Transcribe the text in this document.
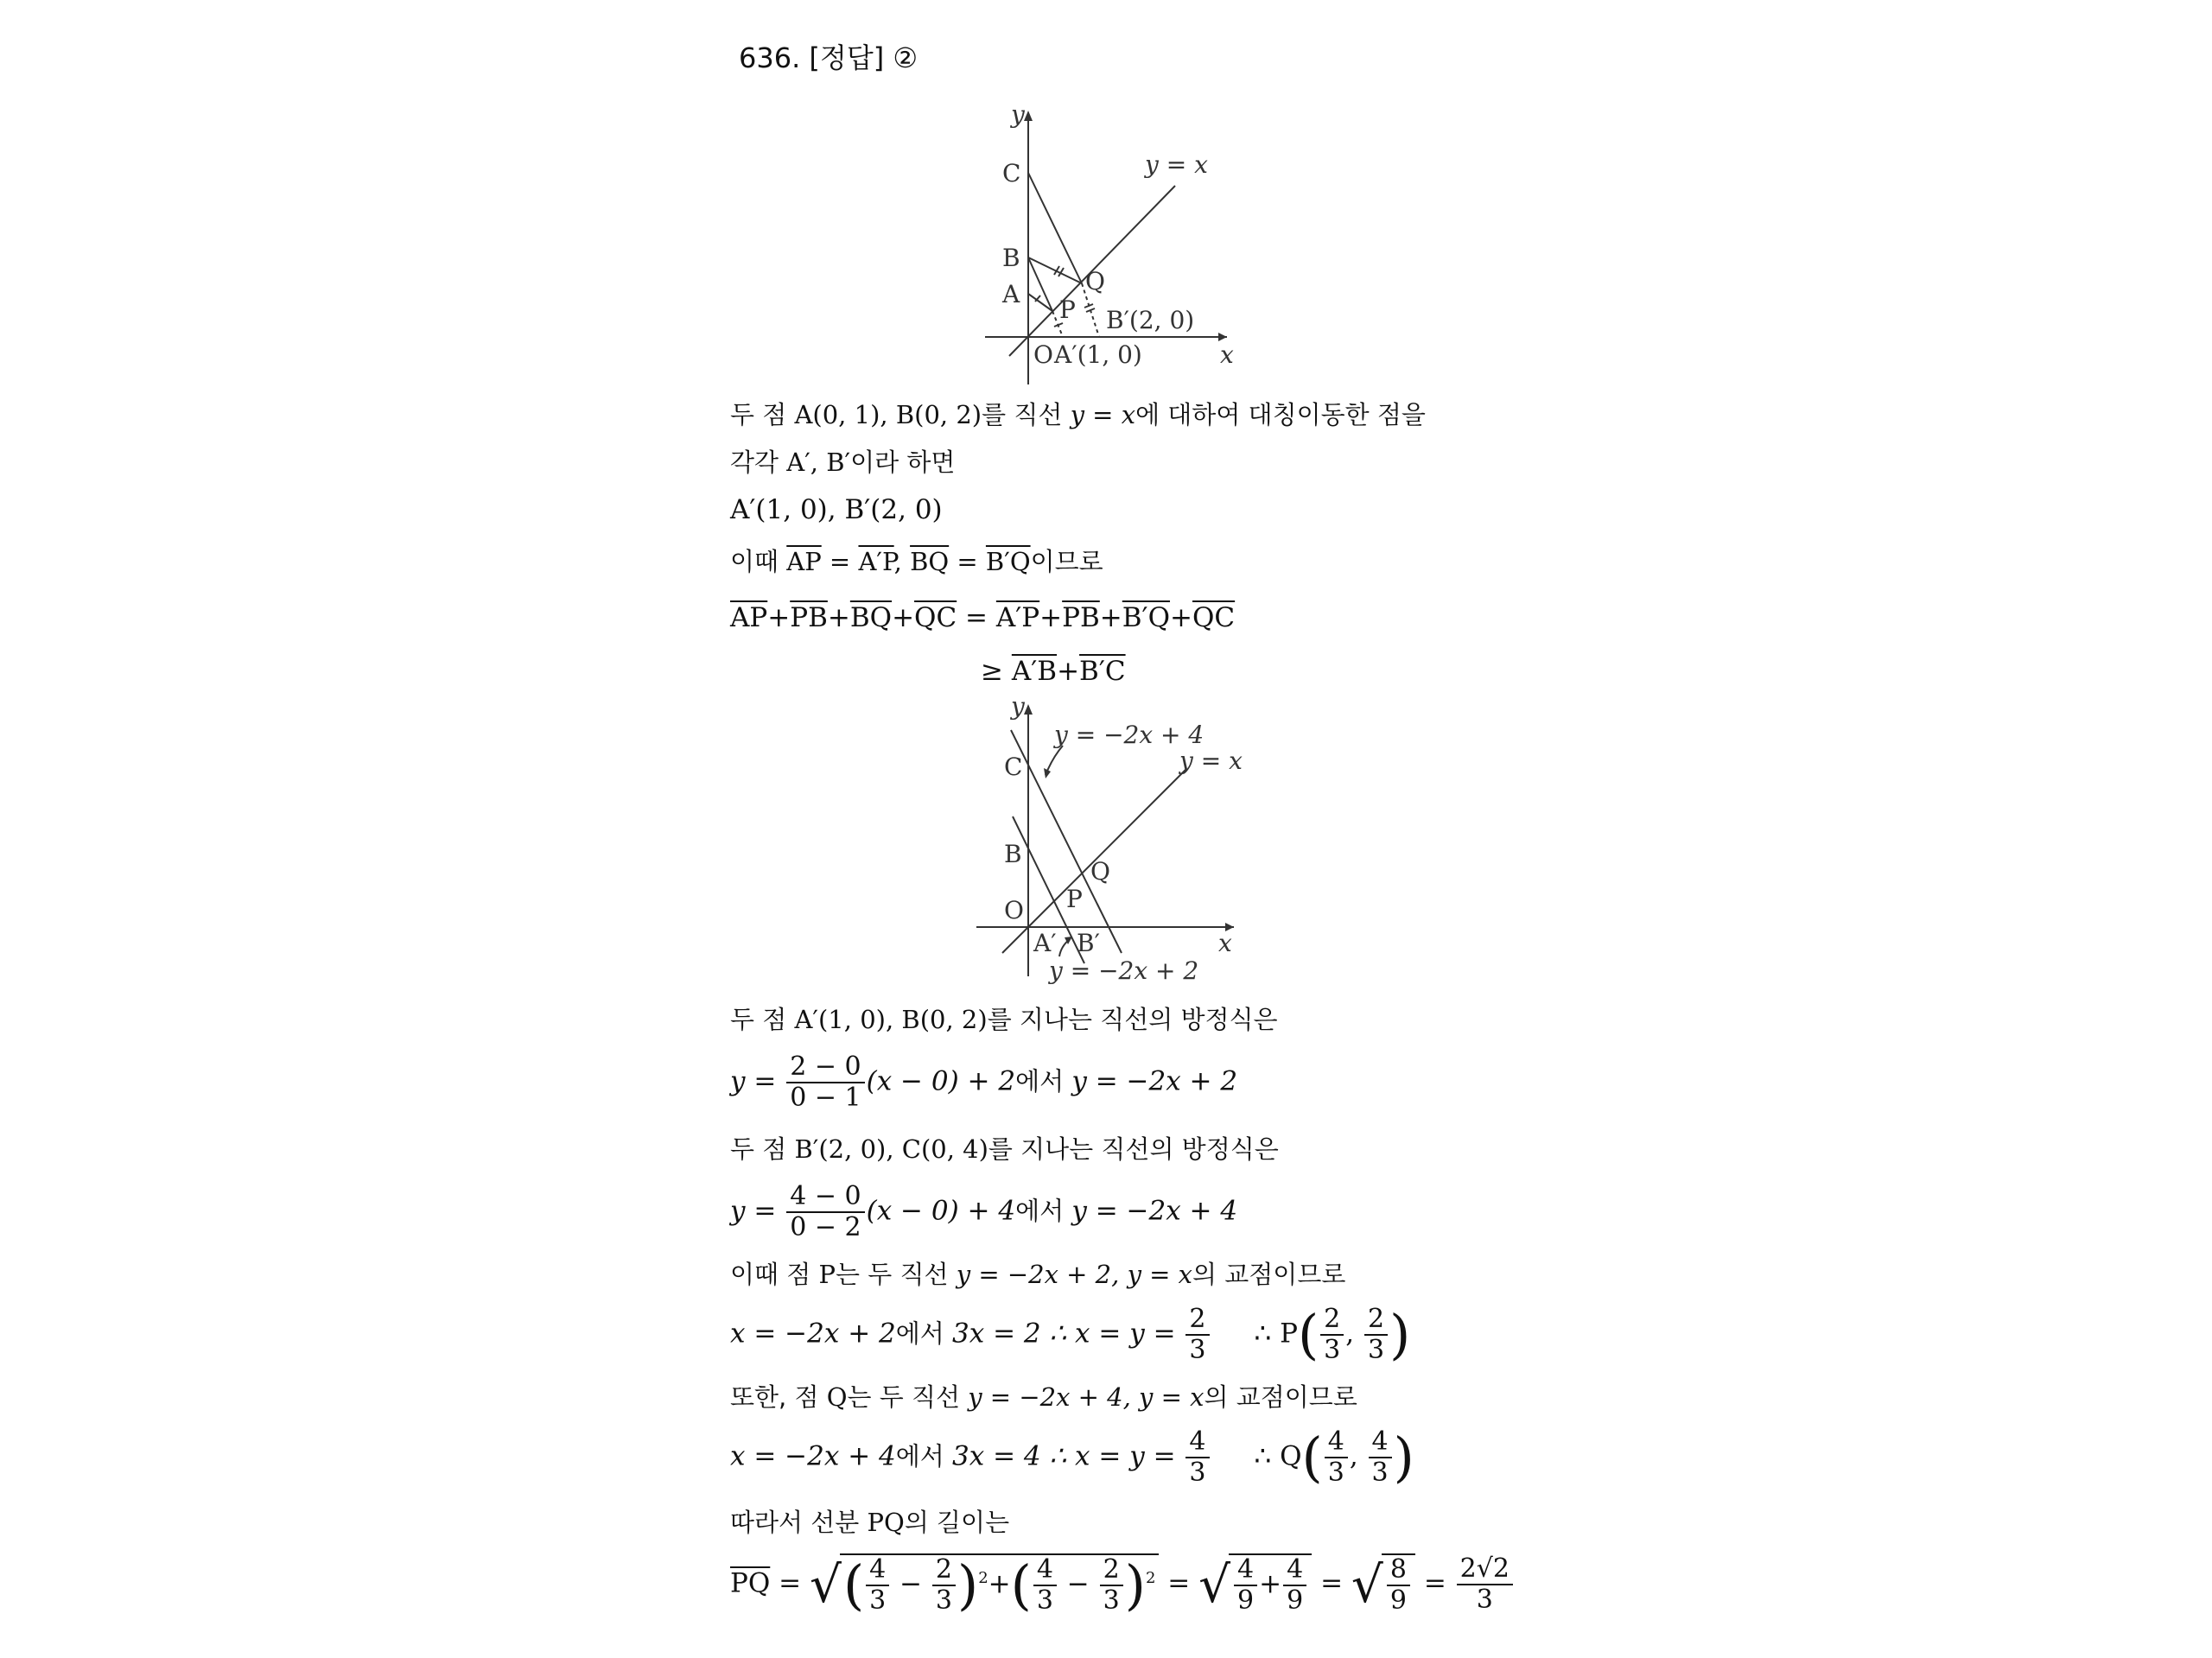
636. [정답] ②
y
x
C
B
A
O
P
Q
y = x
B′(2, 0)
A′(1, 0)
두 점 A(0, 1), B(0, 2)를 직선 y = x에 대하여 대칭이동한 점을
각각 A′, B′이라 하면
A′(1, 0), B′(2, 0)
이때 $\overline{AP} = A'P$, $\overline{BQ} = B'Q$이므로
$\overline{AP}+\overline{PB}+\overline{BQ}+\overline{QC} = A'P+\overline{PB}+B'Q+\overline{QC}$
≥ A′B+B′C
y
x
C
B
O P
Q
A′ B′
y = x
y = −2x + 4
y = −2x + 2
두 점 A′(1, 0), B(0, 2)를 지나는 직선의 방정식은
$y = \frac{2 - 0}{0 - 1} (x - 0) + 2$에서 y = −2x + 2
두 점 B′(2, 0), C(0, 4)를 지나는 직선의 방정식은
$y = \frac{4 - 0}{0 - 2} (x - 0) + 4$에서 y = −2x + 4
이때 점 P는 두 직선 y = −2x + 2, y = x의 교점이므로
x = −2x + 2에서 3x = 2 ∴ $x = y = \frac{2}{3}$ ∴ $P( \frac{2}{3}$ , $\frac{2}{3}$ )
또한, 점 Q는 두 직선 y = −2x + 4, y = x의 교점이므로
x = −2x + 4에서 3x = 4 ∴ $x = y = \frac{4}{3}$ ∴ $Q( \frac{4}{3}$ , $\frac{4}{3}$ )
따라서 선분 PQ의 길이는
$\overline{PQ}$ = √( $\frac{4}{3} - \frac{2}{3} )^2+( \frac{4}{3} - \frac{2}{3} )^2$ = √ $\frac{4}{9} + \frac{4}{9}$ = √ $\frac{8}{9} = \frac{2√2}{3}$
